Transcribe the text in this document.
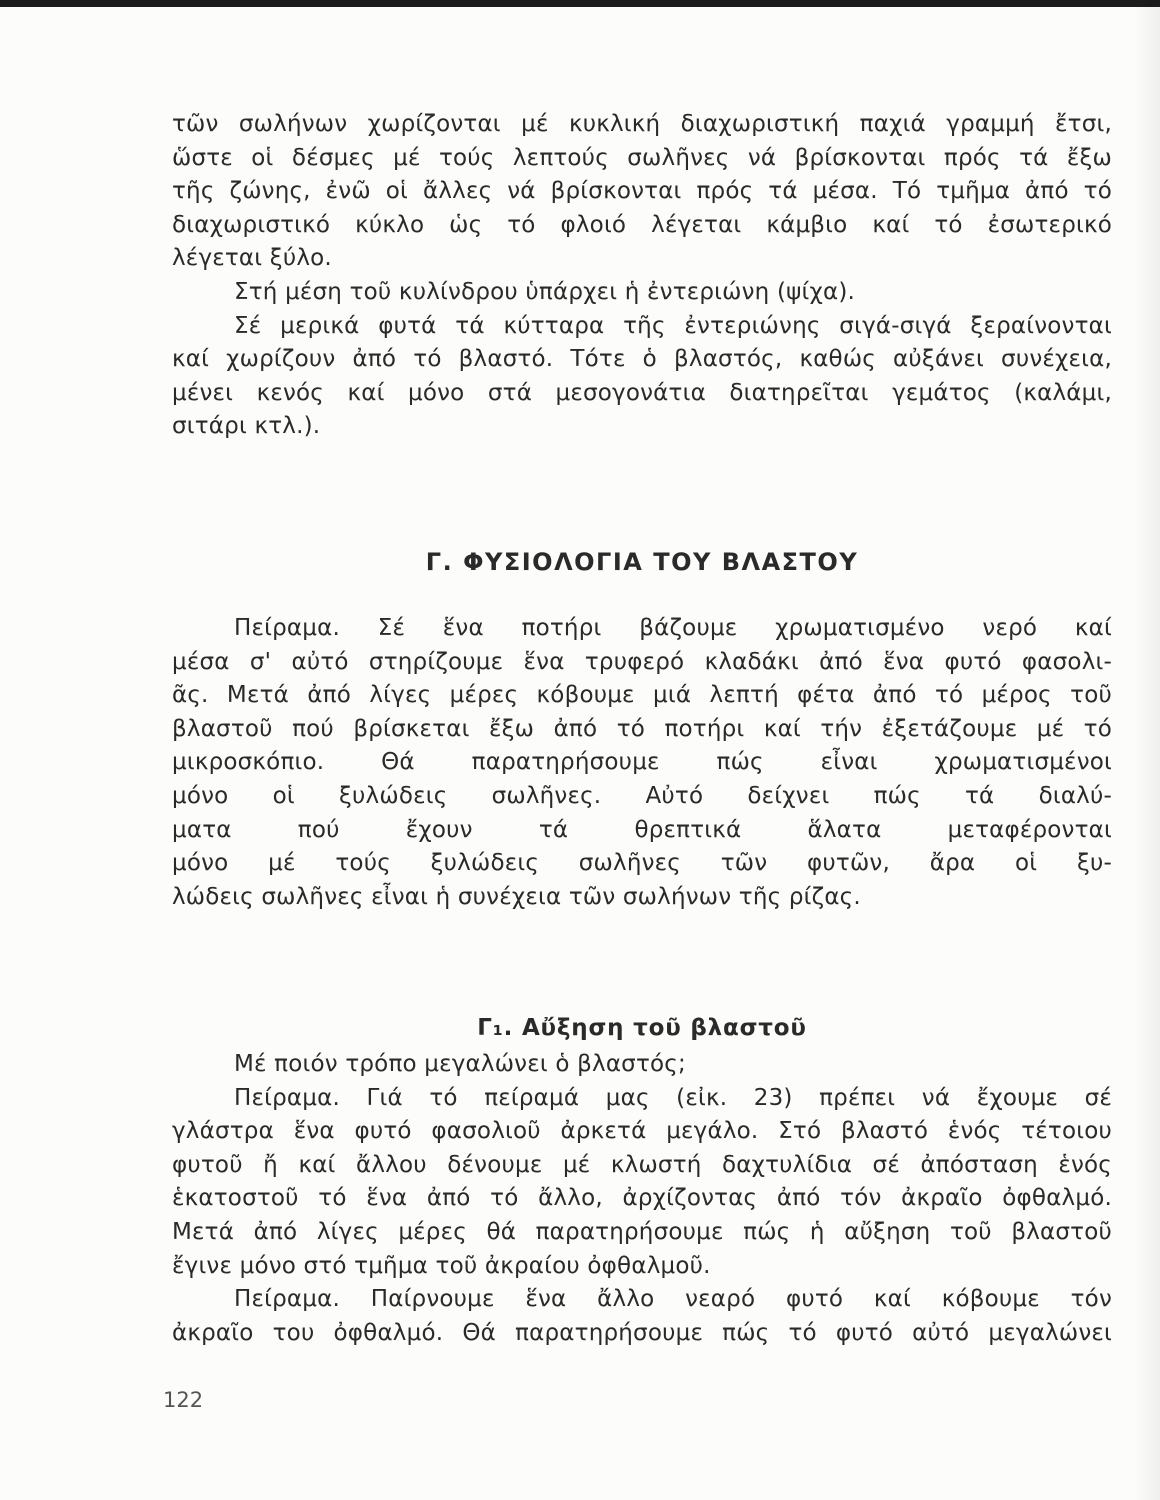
τῶν σωλήνων χωρίζονται μέ κυκλική διαχωριστική παχιά γραμμή ἔτσι,

ὥστε οἱ δέσμες μέ τούς λεπτούς σωλῆνες νά βρίσκονται πρός τά ἔξω

τῆς ζώνης, ἐνῶ οἱ ἄλλες νά βρίσκονται πρός τά μέσα. Τό τμῆμα ἀπό τό

διαχωριστικό κύκλο ὡς τό φλοιό λέγεται κάμβιο καί τό ἐσωτερικό

λέγεται ξύλο.

Στή μέση τοῦ κυλίνδρου ὑπάρχει ἡ ἐντεριώνη (ψίχα).

Σέ μερικά φυτά τά κύτταρα τῆς ἐντεριώνης σιγά-σιγά ξεραίνονται

καί χωρίζουν ἀπό τό βλαστό. Τότε ὁ βλαστός, καθώς αὐξάνει συνέχεια,

μένει κενός καί μόνο στά μεσογονάτια διατηρεῖται γεμάτος (καλάμι,

σιτάρι κτλ.).

Γ. ΦΥΣΙΟΛΟΓΙΑ ΤΟΥ ΒΛΑΣΤΟΥ

Πείραμα. Σέ ἕνα ποτήρι βάζουμε χρωματισμένο νερό καί

μέσα σ' αὐτό στηρίζουμε ἕνα τρυφερό κλαδάκι ἀπό ἕνα φυτό φασολι-

ᾶς. Μετά ἀπό λίγες μέρες κόβουμε μιά λεπτή φέτα ἀπό τό μέρος τοῦ

βλαστοῦ πού βρίσκεται ἔξω ἀπό τό ποτήρι καί τήν ἐξετάζουμε μέ τό

μικροσκόπιο. Θά παρατηρήσουμε πώς εἶναι χρωματισμένοι

μόνο οἱ ξυλώδεις σωλῆνες. Αὐτό δείχνει πώς τά διαλύ-

ματα πού ἔχουν τά θρεπτικά ἅλατα μεταφέρονται

μόνο μέ τούς ξυλώδεις σωλῆνες τῶν φυτῶν, ἄρα οἱ ξυ-

λώδεις σωλῆνες εἶναι ἡ συνέχεια τῶν σωλήνων τῆς ρίζας.

Γ₁. Αὔξηση τοῦ βλαστοῦ

Μέ ποιόν τρόπο μεγαλώνει ὁ βλαστός;

Πείραμα. Γιά τό πείραμά μας (εἰκ. 23) πρέπει νά ἔχουμε σέ

γλάστρα ἕνα φυτό φασολιοῦ ἀρκετά μεγάλο. Στό βλαστό ἑνός τέτοιου

φυτοῦ ἤ καί ἄλλου δένουμε μέ κλωστή δαχτυλίδια σέ ἀπόσταση ἑνός

ἑκατοστοῦ τό ἕνα ἀπό τό ἄλλο, ἀρχίζοντας ἀπό τόν ἀκραῖο ὀφθαλμό.

Μετά ἀπό λίγες μέρες θά παρατηρήσουμε πώς ἡ αὔξηση τοῦ βλαστοῦ

ἔγινε μόνο στό τμῆμα τοῦ ἀκραίου ὀφθαλμοῦ.

Πείραμα. Παίρνουμε ἕνα ἄλλο νεαρό φυτό καί κόβουμε τόν

ἀκραῖο του ὀφθαλμό. Θά παρατηρήσουμε πώς τό φυτό αὐτό μεγαλώνει

122
